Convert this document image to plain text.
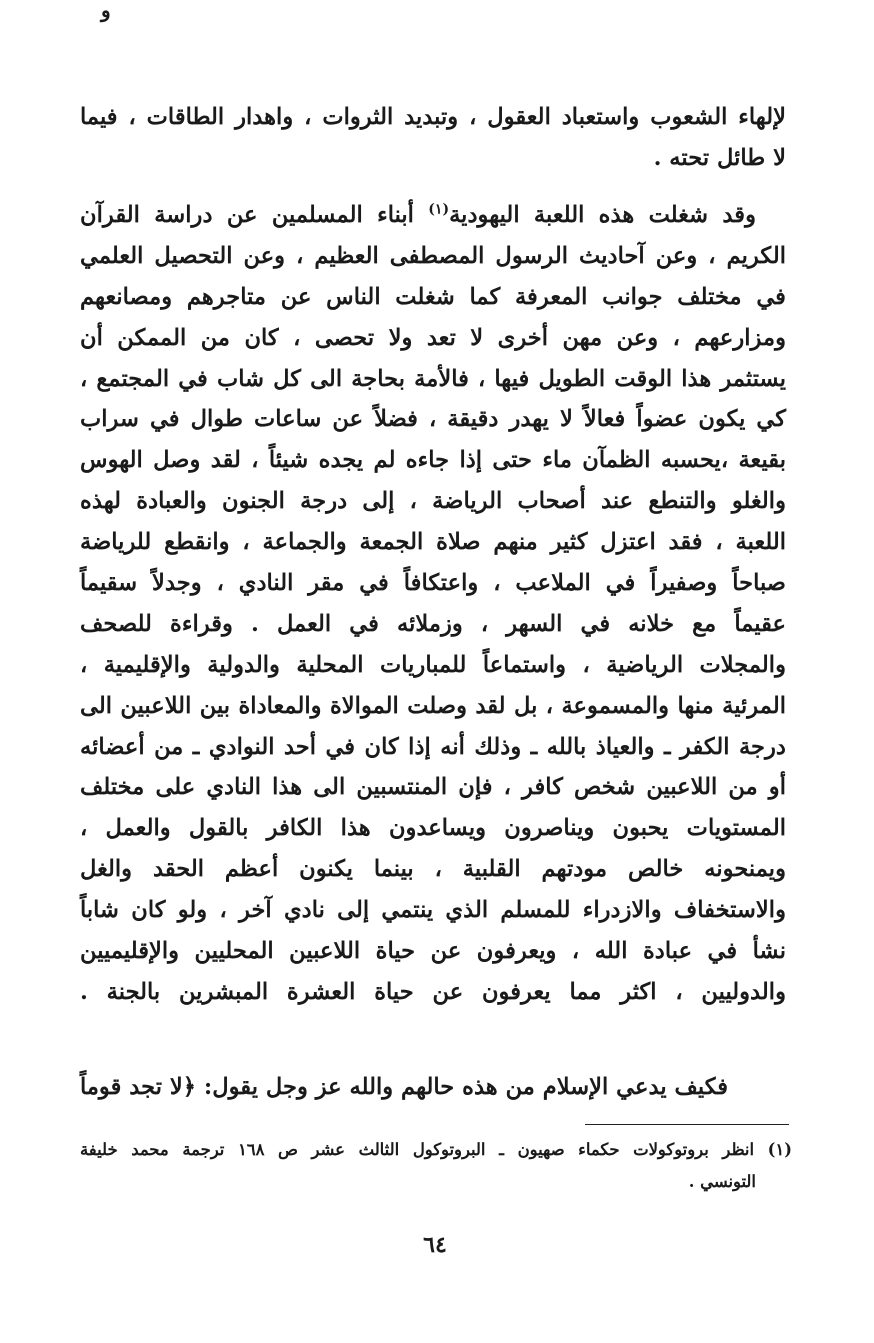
و
لإلهاء الشعوب واستعباد العقول ، وتبديد الثروات ، واهدار الطاقات ، فيما
لا طائل تحته .
وقد شغلت هذه اللعبة اليهودية$^{(١)}$ أبناء المسلمين عن دراسة القرآن
الكريم ، وعن آحاديث الرسول المصطفى العظيم ، وعن التحصيل العلمي
في مختلف جوانب المعرفة كما شغلت الناس عن متاجرهم ومصانعهم
ومزارعهم ، وعن مهن أخرى لا تعد ولا تحصى ، كان من الممكن أن
يستثمر هذا الوقت الطويل فيها ، فالأمة بحاجة الى كل شاب في المجتمع ،
كي يكون عضواً فعالاً لا يهدر دقيقة ، فضلاً عن ساعات طوال في سراب
بقيعة ،يحسبه الظمآن ماء حتى إذا جاءه لم يجده شيئاً ، لقد وصل الهوس
والغلو والتنطع عند أصحاب الرياضة ، إلى درجة الجنون والعبادة لهذه
اللعبة ، فقد اعتزل كثير منهم صلاة الجمعة والجماعة ، وانقطع للرياضة
صباحاً وصفيراً في الملاعب ، واعتكافاً في مقر النادي ، وجدلاً سقيماً
عقيماً مع خلانه في السهر ، وزملائه في العمل . وقراءة للصحف
والمجلات الرياضية ، واستماعاً للمباريات المحلية والدولية والإقليمية ،
المرئية منها والمسموعة ، بل لقد وصلت الموالاة والمعاداة بين اللاعبين الى
درجة الكفر ـ والعياذ بالله ـ وذلك أنه إذا كان في أحد النوادي ـ من أعضائه
أو من اللاعبين شخص كافر ، فإن المنتسبين الى هذا النادي على مختلف
المستويات يحبون ويناصرون ويساعدون هذا الكافر بالقول والعمل ،
ويمنحونه خالص مودتهم القلبية ، بينما يكنون أعظم الحقد والغل
والاستخفاف والازدراء للمسلم الذي ينتمي إلى نادي آخر ، ولو كان شاباً
نشأ في عبادة الله ، ويعرفون عن حياة اللاعبين المحليين والإقليميين
والدوليين ، اكثر مما يعرفون عن حياة العشرة المبشرين بالجنة .
فكيف يدعي الإسلام من هذه حالهم والله عز وجل يقول: ﴿لا تجد قوماً
(١) انظر بروتوكولات حكماء صهيون ـ البروتوكول الثالث عشر ص ١٦٨ ترجمة محمد خليفة
التونسي .
٦٤
